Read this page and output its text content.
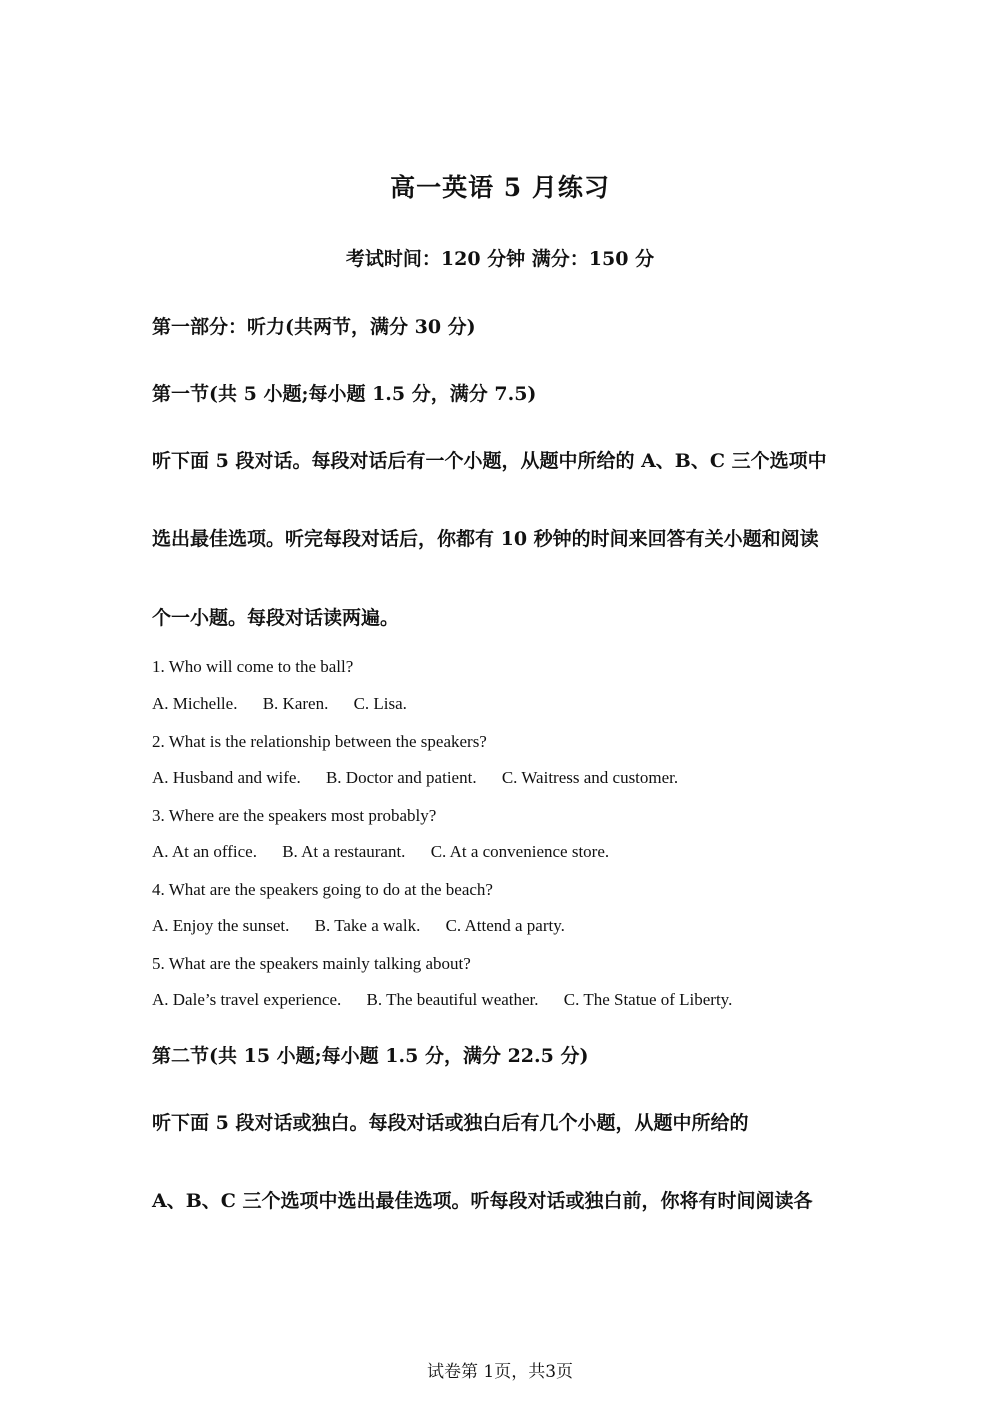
高一英语 5 月练习
考试时间：120 分钟 满分：150 分
第一部分：听力(共两节，满分 30 分)
第一节(共 5 小题;每小题 1.5 分，满分 7.5)
听下面 5 段对话。每段对话后有一个小题，从题中所给的 A、B、C 三个选项中
选出最佳选项。听完每段对话后，你都有 10 秒钟的时间来回答有关小题和阅读
个一小题。每段对话读两遍。
1. Who will come to the ball?
A. Michelle. B. Karen. C. Lisa.
2. What is the relationship between the speakers?
A. Husband and wife. B. Doctor and patient. C. Waitress and customer.
3. Where are the speakers most probably?
A. At an office. B. At a restaurant. C. At a convenience store.
4. What are the speakers going to do at the beach?
A. Enjoy the sunset. B. Take a walk. C. Attend a party.
5. What are the speakers mainly talking about?
A. Dale’s travel experience. B. The beautiful weather. C. The Statue of Liberty.
第二节(共 15 小题;每小题 1.5 分，满分 22.5 分)
听下面 5 段对话或独白。每段对话或独白后有几个小题，从题中所给的
A、B、C 三个选项中选出最佳选项。听每段对话或独白前，你将有时间阅读各
试卷第 1页，共3页
